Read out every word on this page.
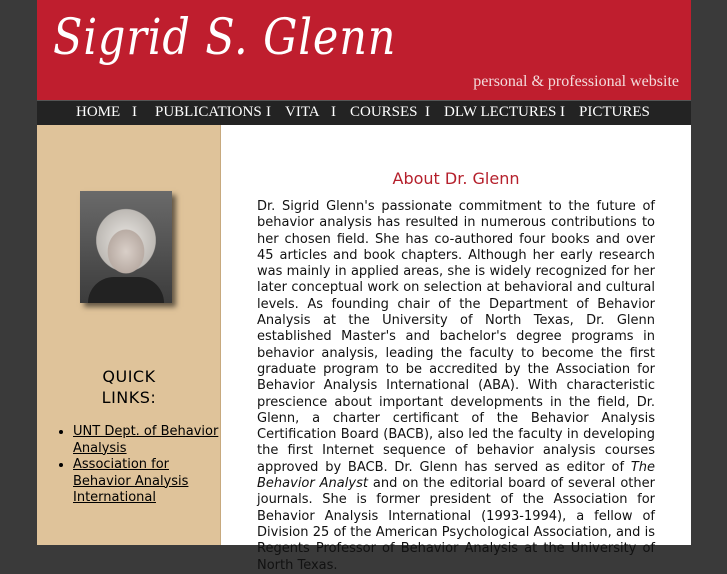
Sigrid S. Glenn
personal & professional website
HOME I PUBLICATIONS I VITA I COURSES I DLW LECTURES I PICTURES
QUICK
LINKS:
• UNT Dept. of Behavior Analysis
• Association for Behavior Analysis International
About Dr. Glenn

Dr. Sigrid Glenn's passionate commitment to the future of behavior analysis has resulted in numerous contributions to her chosen field. She has co-authored four books and over 45 articles and book chapters. Although her early research was mainly in applied areas, she is widely recognized for her later conceptual work on selection at behavioral and cultural levels. As founding chair of the Department of Behavior Analysis at the University of North Texas, Dr. Glenn established Master's and bachelor's degree programs in behavior analysis, leading the faculty to become the first graduate program to be accredited by the Association for Behavior Analysis International (ABA). With characteristic prescience about important developments in the field, Dr. Glenn, a charter certificant of the Behavior Analysis Certification Board (BACB), also led the faculty in developing the first Internet sequence of behavior analysis courses approved by BACB. Dr. Glenn has served as editor of The Behavior Analyst and on the editorial board of several other journals. She is former president of the Association for Behavior Analysis International (1993-1994), a fellow of Division 25 of the American Psychological Association, and is Regents Professor of Behavior Analysis at the University of North Texas.
